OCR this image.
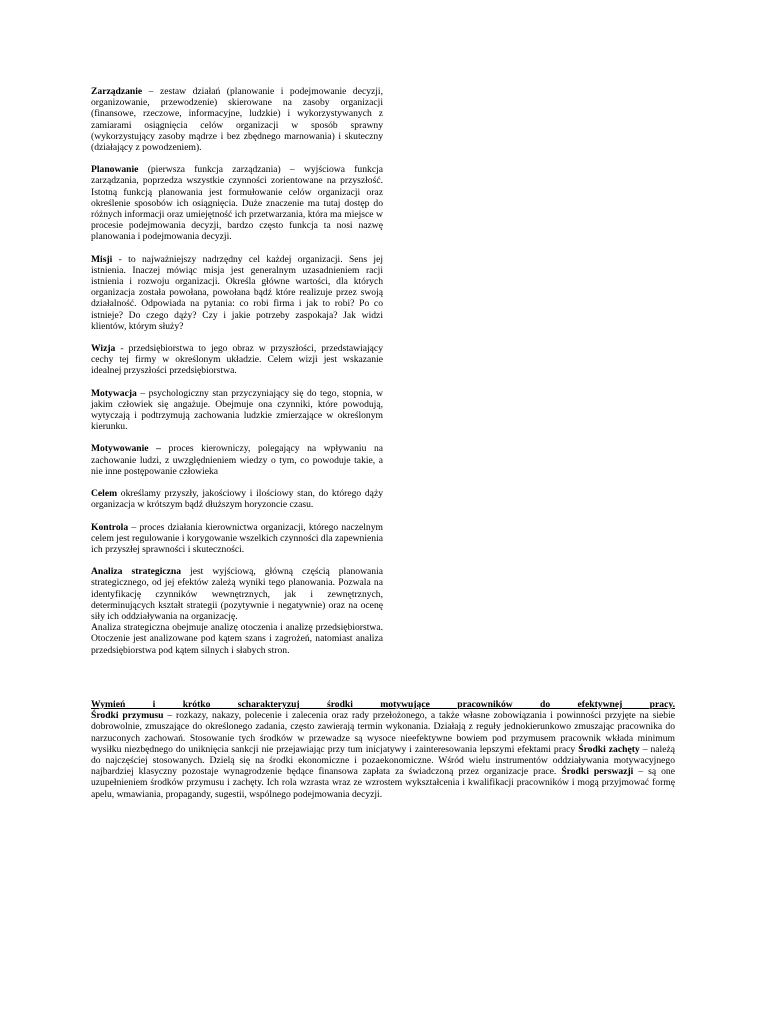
Zarządzanie – zestaw działań (planowanie i podejmowanie decyzji, organizowanie, przewodzenie) skierowane na zasoby organizacji (finansowe, rzeczowe, informacyjne, ludzkie) i wykorzystywanych z zamiarami osiągnięcia celów organizacji w sposób sprawny (wykorzystujący zasoby mądrze i bez zbędnego marnowania) i skuteczny (działający z powodzeniem).

Planowanie (pierwsza funkcja zarządzania) – wyjściowa funkcja zarządzania, poprzedza wszystkie czynności zorientowane na przyszłość. Istotną funkcją planowania jest formułowanie celów organizacji oraz określenie sposobów ich osiągnięcia. Duże znaczenie ma tutaj dostęp do różnych informacji oraz umiejętność ich przetwarzania, która ma miejsce w procesie podejmowania decyzji, bardzo często funkcja ta nosi nazwę planowania i podejmowania decyzji.

Misji - to najważniejszy nadrzędny cel każdej organizacji. Sens jej istnienia. Inaczej mówiąc misja jest generalnym uzasadnieniem racji istnienia i rozwoju organizacji. Określa główne wartości, dla których organizacja została powołana, powołana bądź które realizuje przez swoją działalność. Odpowiada na pytania: co robi firma i jak to robi? Po co istnieje? Do czego dąży? Czy i jakie potrzeby zaspokaja? Jak widzi klientów, którym służy?

Wizja - przedsiębiorstwa to jego obraz w przyszłości, przedstawiający cechy tej firmy w określonym układzie. Celem wizji jest wskazanie idealnej przyszłości przedsiębiorstwa.

Motywacja – psychologiczny stan przyczyniający się do tego, stopnia, w jakim człowiek się angażuje. Obejmuje ona czynniki, które powodują, wytyczają i podtrzymują zachowania ludzkie zmierzające w określonym kierunku.

Motywowanie – proces kierowniczy, polegający na wpływaniu na zachowanie ludzi, z uwzględnieniem wiedzy o tym, co powoduje takie, a nie inne postępowanie człowieka

Celem określamy przyszły, jakościowy i ilościowy stan, do którego dąży organizacja w krótszym bądź dłuższym horyzoncie czasu.

Kontrola – proces działania kierownictwa organizacji, którego naczelnym celem jest regulowanie i korygowanie wszelkich czynności dla zapewnienia ich przyszłej sprawności i skuteczności.

Analiza strategiczna jest wyjściową, główną częścią planowania strategicznego, od jej efektów zależą wyniki tego planowania. Pozwala na identyfikację czynników wewnętrznych, jak i zewnętrznych, determinujących kształt strategii (pozytywnie i negatywnie) oraz na ocenę siły ich oddziaływania na organizację.

Analiza strategiczna obejmuje analizę otoczenia i analizę przedsiębiorstwa. Otoczenie jest analizowane pod kątem szans i zagrożeń, natomiast analiza przedsiębiorstwa pod kątem silnych i słabych stron.

Wymień i krótko scharakteryzuj środki motywujące pracowników do efektywnej pracy.

Środki przymusu – rozkazy, nakazy, polecenie i zalecenia oraz rady przełożonego, a także własne zobowiązania i powinności przyjęte na siebie dobrowolnie, zmuszające do określonego zadania, często zawierają termin wykonania. Działają z reguły jednokierunkowo zmuszając pracownika do narzuconych zachowań. Stosowanie tych środków w przewadze są wysoce nieefektywne bowiem pod przymusem pracownik wkłada minimum wysiłku niezbędnego do uniknięcia sankcji nie przejawiając przy tum inicjatywy i zainteresowania lepszymi efektami pracy Środki zachęty – należą do najczęściej stosowanych. Dzielą się na środki ekonomiczne i pozaekonomiczne. Wśród wielu instrumentów oddziaływania motywacyjnego najbardziej klasyczny pozostaje wynagrodzenie będące finansowa zapłata za świadczoną przez organizacje prace. Środki perswazji – są one uzupełnieniem środków przymusu i zachęty. Ich rola wzrasta wraz ze wzrostem wykształcenia i kwalifikacji pracowników i mogą przyjmować formę apelu, wmawiania, propagandy, sugestii, wspólnego podejmowania decyzji.
